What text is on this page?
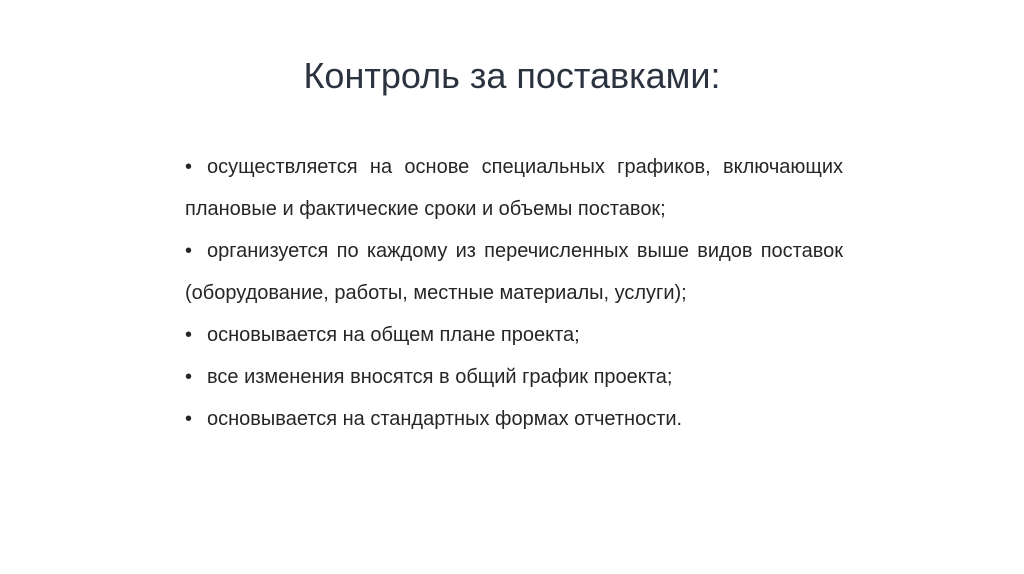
Контроль за поставками:

• осуществляется на основе специальных графиков, включающих плановые и фактические сроки и объемы поставок;

• организуется по каждому из перечисленных выше видов поставок (оборудование, работы, местные материалы, услуги);

• основывается на общем плане проекта;

• все изменения вносятся в общий график проекта;

• основывается на стандартных формах отчетности.
